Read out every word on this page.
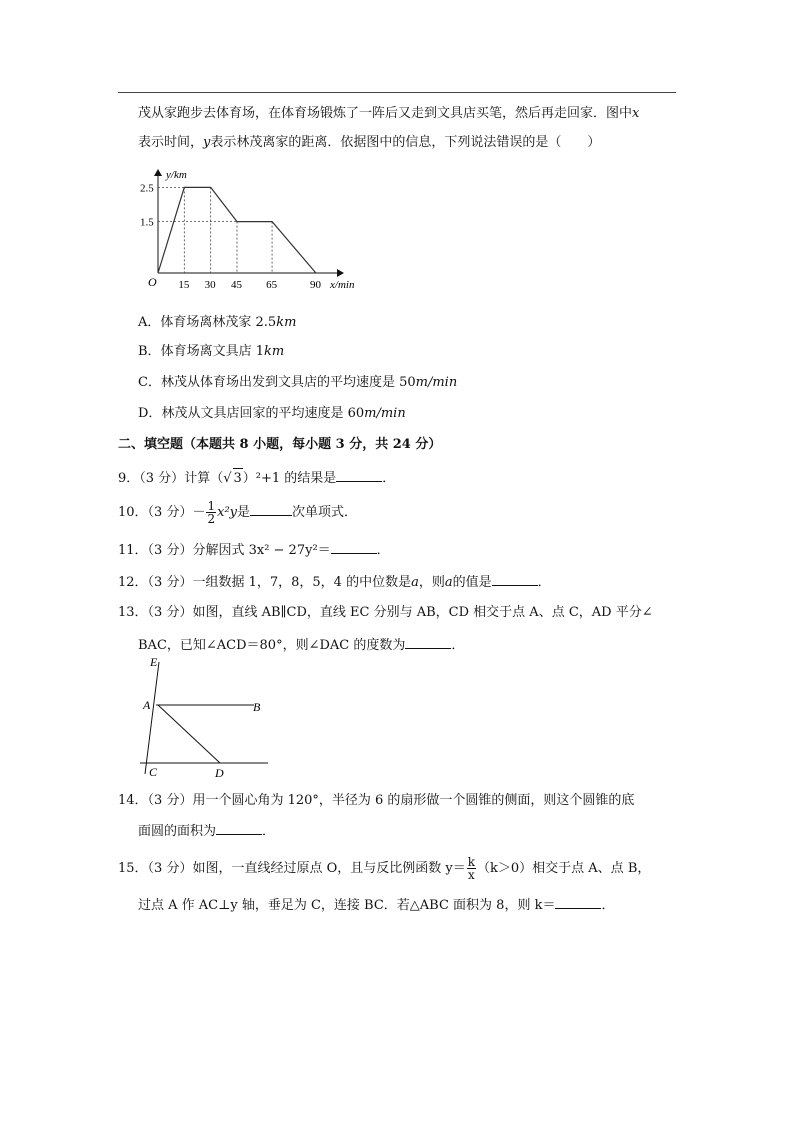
茂从家跑步去体育场，在体育场锻炼了一阵后又走到文具店买笔，然后再走回家．图中x
表示时间，y表示林茂离家的距离．依据图中的信息，下列说法错误的是（　　）
y/km
x/min
O
2.5
1.5
15 30 45 65	90
A．体育场离林茂家 2.5km
B．体育场离文具店 1km
C．林茂从体育场出发到文具店的平均速度是 50m/min
D．林茂从文具店回家的平均速度是 60m/min
二、填空题（本题共 8 小题，每小题 3 分，共 24 分）
9．（3 分）计算（√ 3）²+1 的结果是	．
10．（3 分）－ $\frac{1}{2} x^2y$是	次单项式．
11．（3 分）分解因式 3x² − 27y²＝	．
12．（3 分）一组数据 1，7，8，5，4 的中位数是a，则a的值是	．
13．（3 分）如图，直线 AB∥CD，直线 EC 分别与 AB，CD 相交于点 A、点 C，AD 平分∠
BAC，已知∠ACD＝80°，则∠DAC 的度数为	．
E
A	B
C	D
14．（3 分）用一个圆心角为 120°，半径为 6 的扇形做一个圆锥的侧面，则这个圆锥的底
面圆的面积为	．
15．（3 分）如图，一直线经过原点 O，且与反比例函数 $y= \frac{k}{x} (k>0)$相交于点 A、点 B，
过点 A 作 AC⊥y 轴，垂足为 C，连接 BC．若△ABC 面积为 8，则 k＝	．
